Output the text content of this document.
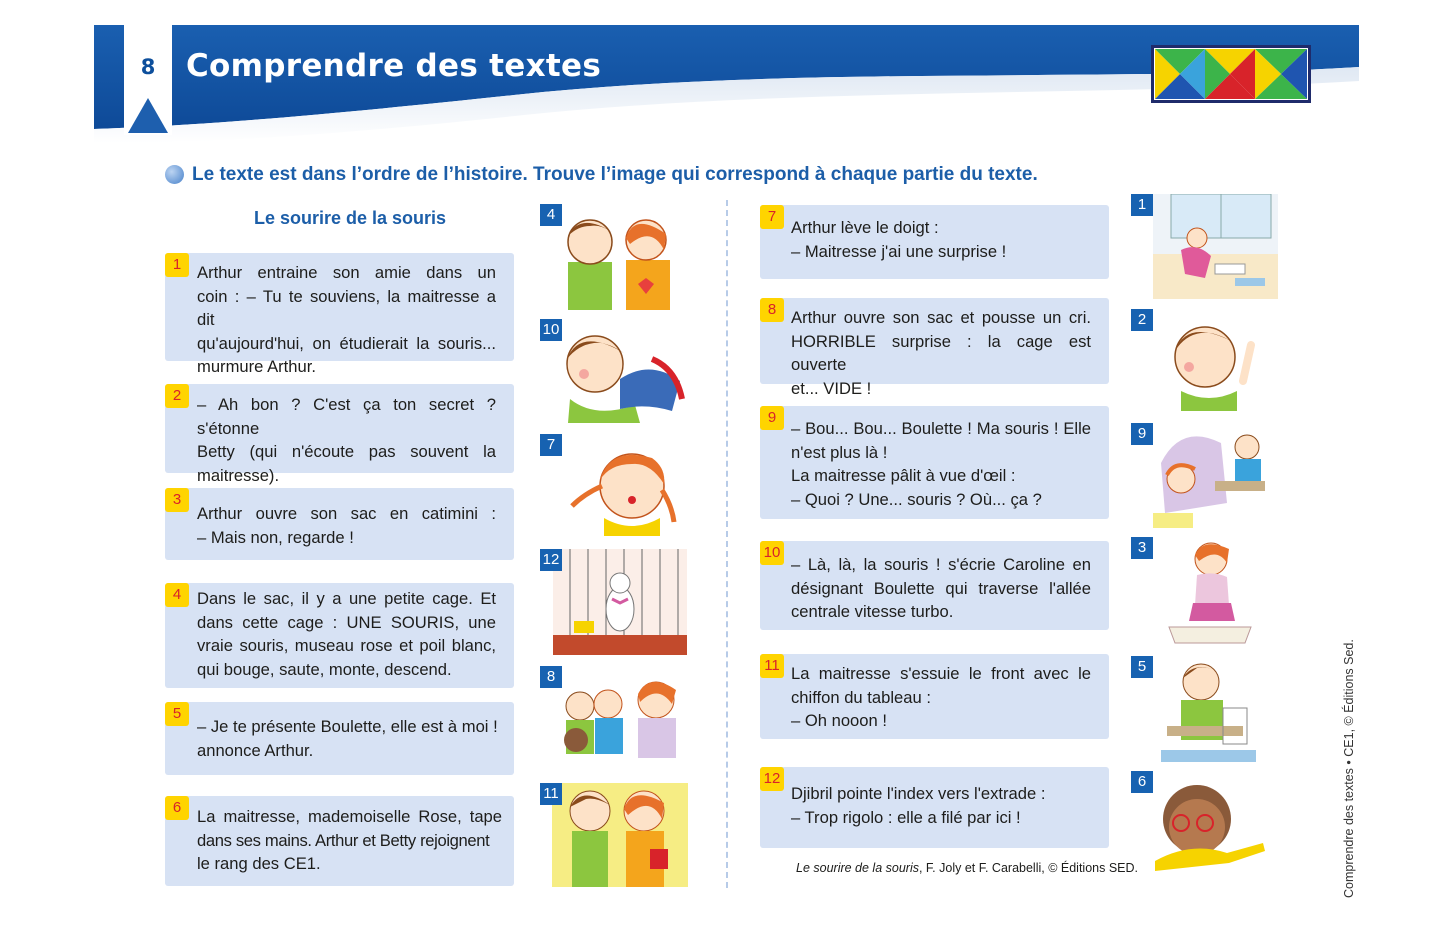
8 Comprendre des textes
Le texte est dans l’ordre de l’histoire. Trouve l’image qui correspond à chaque partie du texte.
Le sourire de la souris
1 Arthur entraine son amie dans un
coin : – Tu te souviens, la maitresse a dit
qu'aujourd'hui, on étudierait la souris...
murmure Arthur.
2 – Ah bon ? C'est ça ton secret ? s'étonne
Betty (qui n'écoute pas souvent la
maitresse).
3
Arthur ouvre son sac en catimini :
– Mais non, regarde !
4 Dans le sac, il y a une petite cage. Et
dans cette cage : UNE SOURIS, une
vraie souris, museau rose et poil blanc,
qui bouge, saute, monte, descend.
5
– Je te présente Boulette, elle est à moi !
annonce Arthur.
6 La maitresse, mademoiselle Rose, tape
dans ses mains. Arthur et Betty rejoignent
le rang des CE1.
4
10
7
12
8
11
7
Arthur lève le doigt :
– Maitresse j'ai une surprise !
8 Arthur ouvre son sac et pousse un cri.
HORRIBLE surprise : la cage est ouverte
et... VIDE !
9
– Bou... Bou... Boulette ! Ma souris ! Elle
n'est plus là !
La maitresse pâlit à vue d'œil :
– Quoi ? Une... souris ? Où... ça ?
10
– Là, là, la souris ! s'écrie Caroline en
désignant Boulette qui traverse l'allée
centrale vitesse turbo.
11 La maitresse s'essuie le front avec le
chiffon du tableau :
– Oh nooon !
12
Djibril pointe l'index vers l'extrade :
– Trop rigolo : elle a filé par ici !
Le sourire de la souris, F. Joly et F. Carabelli, © Éditions SED.
1
2
9
3
5
6	Comprendre des textes • CE1, © Éditions Sed.
